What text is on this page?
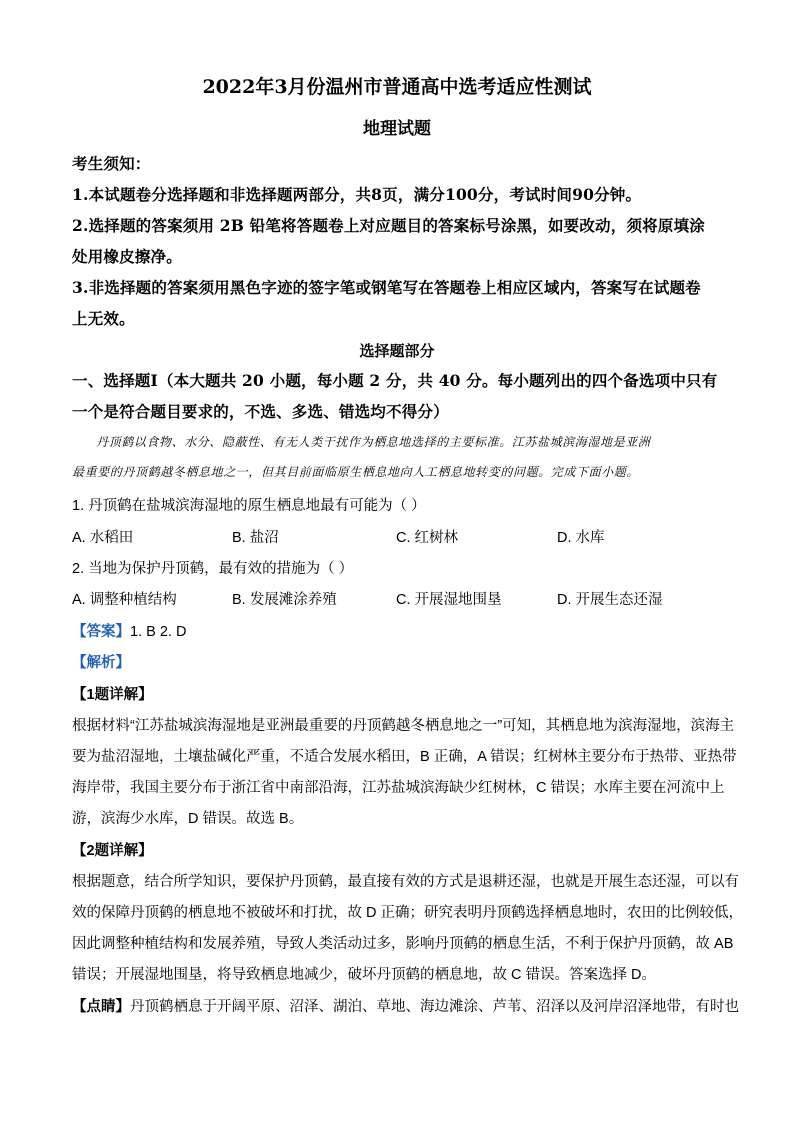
2022年3月份温州市普通高中选考适应性测试
地理试题
考生须知：
1.本试题卷分选择题和非选择题两部分，共8页，满分100分，考试时间90分钟。
2.选择题的答案须用 2B 铅笔将答题卷上对应题目的答案标号涂黑，如要改动，须将原填涂
处用橡皮擦净。
3.非选择题的答案须用黑色字迹的签字笔或钢笔写在答题卷上相应区域内，答案写在试题卷
上无效。
选择题部分
一、选择题Ⅰ（本大题共 20 小题，每小题 2 分，共 40 分。每小题列出的四个备选项中只有
一个是符合题目要求的，不选、多选、错选均不得分）
丹顶鹤以食物、水分、隐蔽性、有无人类干扰作为栖息地选择的主要标准。江苏盐城滨海湿地是亚洲
最重要的丹顶鹤越冬栖息地之一，但其目前面临原生栖息地向人工栖息地转变的问题。完成下面小题。
1. 丹顶鹤在盐城滨海湿地的原生栖息地最有可能为（ ）
A. 水稻田	B. 盐沼	C. 红树林	D. 水库
2. 当地为保护丹顶鹤，最有效的措施为（ ）
A. 调整种植结构	B. 发展滩涂养殖	C. 开展湿地围垦	D. 开展生态还湿
【答案】1. B 2. D
【解析】
【1题详解】
根据材料“江苏盐城滨海湿地是亚洲最重要的丹顶鹤越冬栖息地之一”可知，其栖息地为滨海湿地，滨海主
要为盐沼湿地，土壤盐碱化严重，不适合发展水稻田，B 正确，A 错误；红树林主要分布于热带、亚热带
海岸带，我国主要分布于浙江省中南部沿海，江苏盐城滨海缺少红树林，C 错误；水库主要在河流中上
游，滨海少水库，D 错误。故选 B。
【2题详解】
根据题意，结合所学知识，要保护丹顶鹤，最直接有效的方式是退耕还湿，也就是开展生态还湿，可以有
效的保障丹顶鹤的栖息地不被破坏和打扰，故 D 正确；研究表明丹顶鹤选择栖息地时，农田的比例较低，
因此调整种植结构和发展养殖，导致人类活动过多，影响丹顶鹤的栖息生活，不利于保护丹顶鹤，故 AB
错误；开展湿地围垦，将导致栖息地减少，破坏丹顶鹤的栖息地，故 C 错误。答案选择 D。
【点睛】丹顶鹤栖息于开阔平原、沼泽、湖泊、草地、海边滩涂、芦苇、沼泽以及河岸沼泽地带，有时也
